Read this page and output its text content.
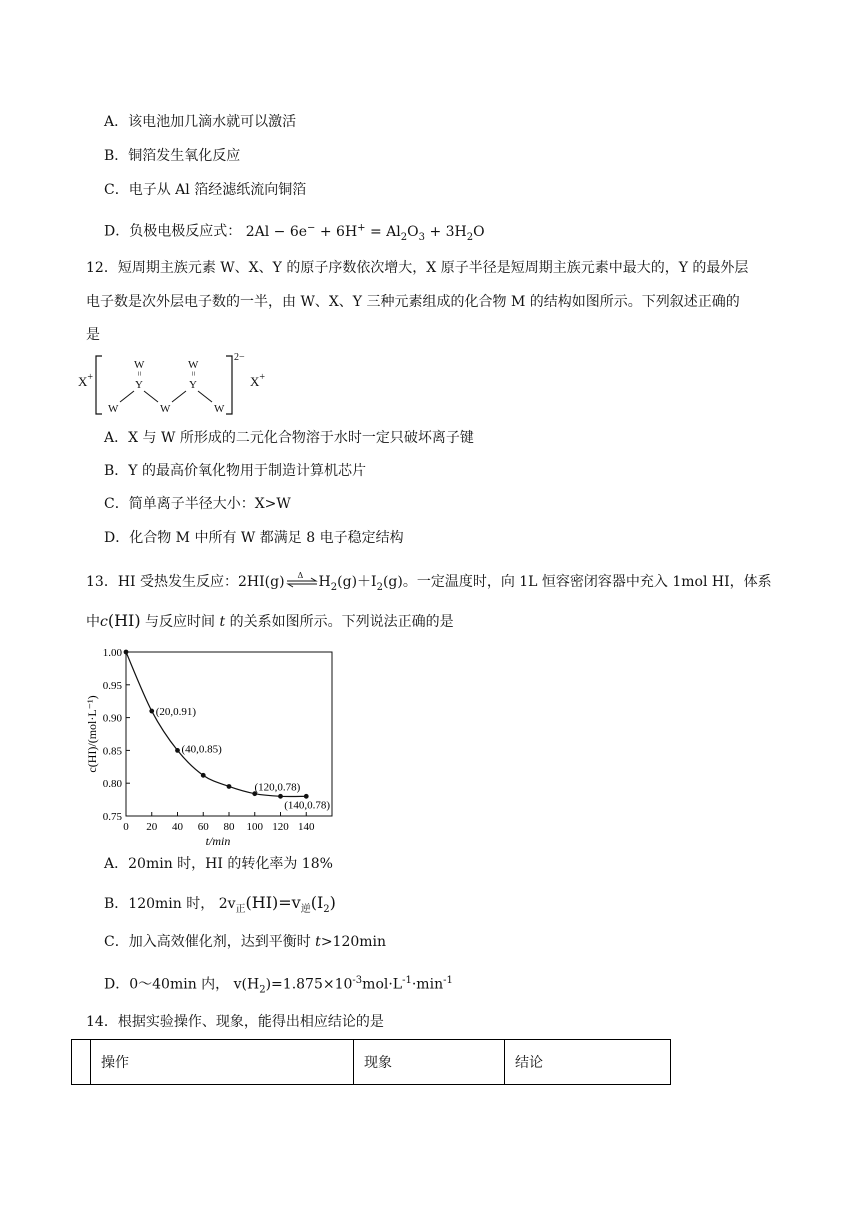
A．该电池加几滴水就可以激活
B．铜箔发生氧化反应
C．电子从 Al 箔经滤纸流向铜箔
D．负极电极反应式： $2Al - 6e^- + 6H^+ = Al_2O_3 + 3H_2O$
12．短周期主族元素 W、X、Y 的原子序数依次增大，X 原子半径是短周期主族元素中最大的，Y 的最外层
电子数是次外层电子数的一半，由 W、X、Y 三种元素组成的化合物 M 的结构如图所示。下列叙述正确的
是
X+
2−
X+
W	W
=	=
Y	Y
W	W	W
A．X 与 W 所形成的二元化合物溶于水时一定只破坏离子键
B．Y 的最高价氧化物用于制造计算机芯片
C．简单离子半径大小：X>W
D．化合物 M 中所有 W 都满足 8 电子稳定结构
13．HI 受热发生反应：2HI(g) Δ $H_2(g)+I_2(g)$。一定温度时，向 1L 恒容密闭容器中充入 1mol HI，体系
中c(HI) 与反应时间 t 的关系如图所示。下列说法正确的是
0.75
0.80
0.85
0.90
0.95
1.00
0 20 40 60 80 100 120 140
(20,0.91)
(40,0.85)
(120,0.78)
(140,0.78)
t/min
c(HI)/(mol·L⁻¹)
A．20min 时，HI 的转化率为 18%
B．120min 时， $2v_正(HI)=v_逆(I_2)$
C．加入高效催化剂，达到平衡时 t>120min
D．0～40min 内， $v(H_2)=1.875\times 10^{-3}mol\cdot L^{-1}\cdot\min^{-1}$
14．根据实验操作、现象，能得出相应结论的是
	操作	现象	结论
